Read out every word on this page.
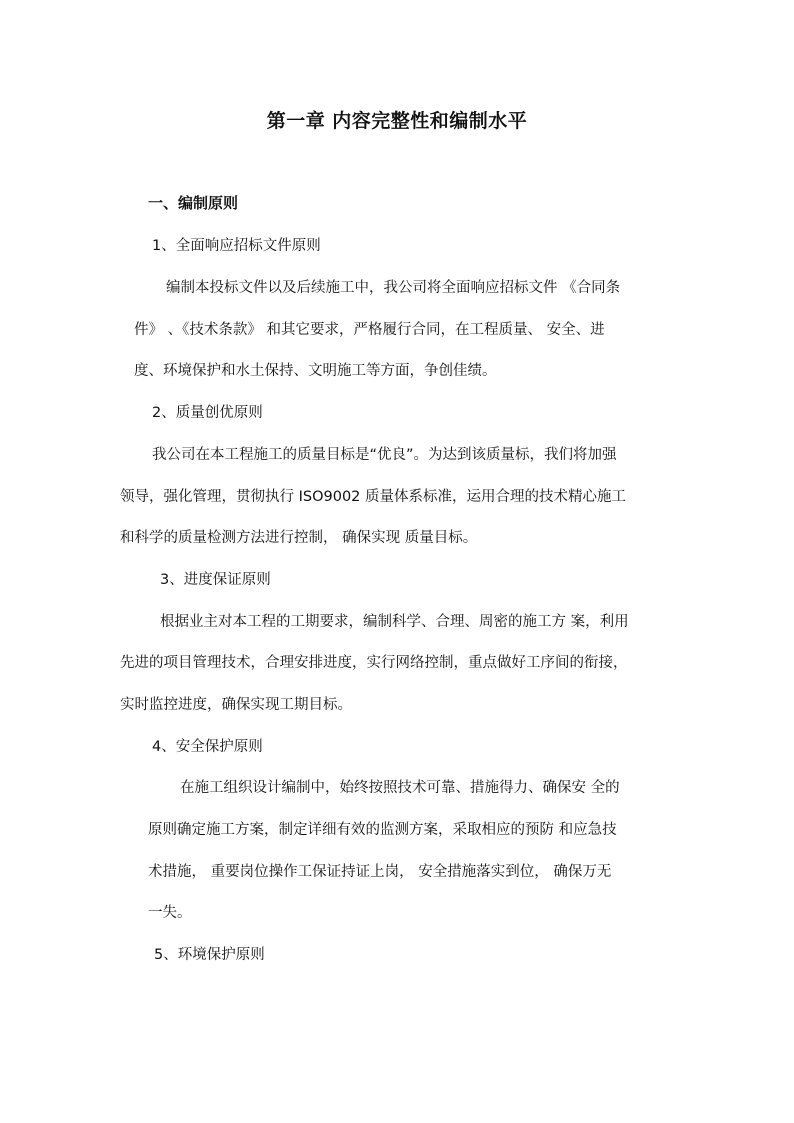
第一章 内容完整性和编制水平
一、编制原则
1、全面响应招标文件原则
编制本投标文件以及后续施工中，我公司将全面响应招标文件 《合同条
件》 、《技术条款》 和其它要求，严格履行合同，在工程质量、 安全、进
度、环境保护和水土保持、文明施工等方面，争创佳绩。
2、质量创优原则
我公司在本工程施工的质量目标是“优良”。为达到该质量标，我们将加强
领导，强化管理，贯彻执行 ISO9002 质量体系标准，运用合理的技术精心施工
和科学的质量检测方法进行控制， 确保实现 质量目标。
3、进度保证原则
根据业主对本工程的工期要求，编制科学、合理、周密的施工方 案，利用
先进的项目管理技术，合理安排进度，实行网络控制，重点做好工序间的衔接，
实时监控进度，确保实现工期目标。
4、安全保护原则
在施工组织设计编制中，始终按照技术可靠、措施得力、确保安 全的
原则确定施工方案，制定详细有效的监测方案，采取相应的预防 和应急技
术措施， 重要岗位操作工保证持证上岗， 安全措施落实到位， 确保万无
一失。
5、环境保护原则
